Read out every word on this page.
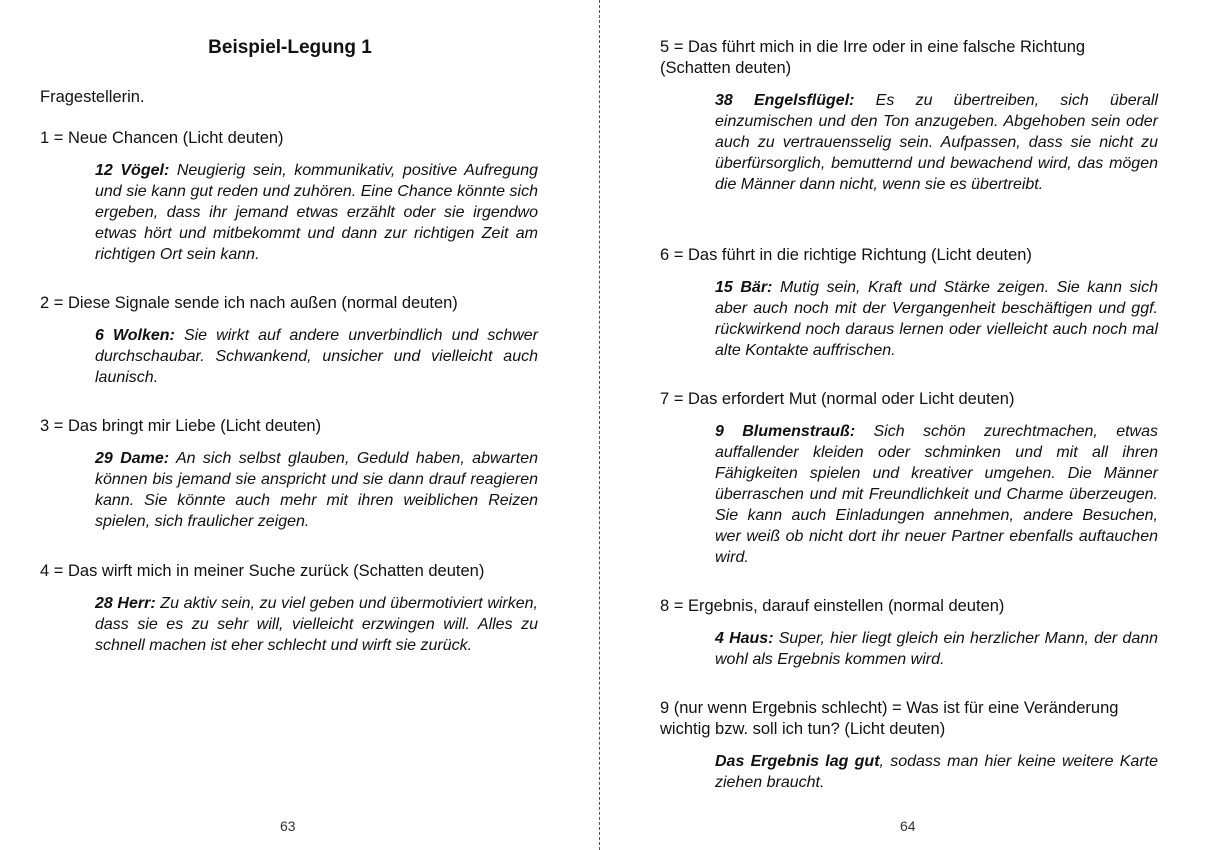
Beispiel-Legung 1

Fragestellerin.

1 = Neue Chancen (Licht deuten)

12 Vögel: Neugierig sein, kommunikativ, positive Aufregung und sie kann gut reden und zuhören. Eine Chance könnte sich ergeben, dass ihr jemand etwas erzählt oder sie irgendwo etwas hört und mitbekommt und dann zur richtigen Zeit am richtigen Ort sein kann.

2 = Diese Signale sende ich nach außen (normal deuten)

6 Wolken: Sie wirkt auf andere unverbindlich und schwer durchschaubar. Schwankend, unsicher und vielleicht auch launisch.

3 = Das bringt mir Liebe (Licht deuten)

29 Dame: An sich selbst glauben, Geduld haben, abwarten können bis jemand sie anspricht und sie dann drauf reagieren kann. Sie könnte auch mehr mit ihren weiblichen Reizen spielen, sich fraulicher zeigen.

4 = Das wirft mich in meiner Suche zurück (Schatten deuten)

28 Herr: Zu aktiv sein, zu viel geben und übermotiviert wirken, dass sie es zu sehr will, vielleicht erzwingen will. Alles zu schnell machen ist eher schlecht und wirft sie zurück.

63

5 = Das führt mich in die Irre oder in eine falsche Richtung (Schatten deuten)

38 Engelsflügel: Es zu übertreiben, sich überall einzumischen und den Ton anzugeben. Abgehoben sein oder auch zu vertrauensselig sein. Aufpassen, dass sie nicht zu überfürsorglich, bemutternd und bewachend wird, das mögen die Männer dann nicht, wenn sie es übertreibt.

6 = Das führt in die richtige Richtung (Licht deuten)

15 Bär: Mutig sein, Kraft und Stärke zeigen. Sie kann sich aber auch noch mit der Vergangenheit beschäftigen und ggf. rückwirkend noch daraus lernen oder vielleicht auch noch mal alte Kontakte auffrischen.

7 = Das erfordert Mut (normal oder Licht deuten)

9 Blumenstrauß: Sich schön zurechtmachen, etwas auffallender kleiden oder schminken und mit all ihren Fähigkeiten spielen und kreativer umgehen. Die Männer überraschen und mit Freundlichkeit und Charme überzeugen. Sie kann auch Einladungen annehmen, andere Besuchen, wer weiß ob nicht dort ihr neuer Partner ebenfalls auftauchen wird.

8 = Ergebnis, darauf einstellen (normal deuten)

4 Haus: Super, hier liegt gleich ein herzlicher Mann, der dann wohl als Ergebnis kommen wird.

9 (nur wenn Ergebnis schlecht) = Was ist für eine Veränderung wichtig bzw. soll ich tun? (Licht deuten)

Das Ergebnis lag gut, sodass man hier keine weitere Karte ziehen braucht.

64
